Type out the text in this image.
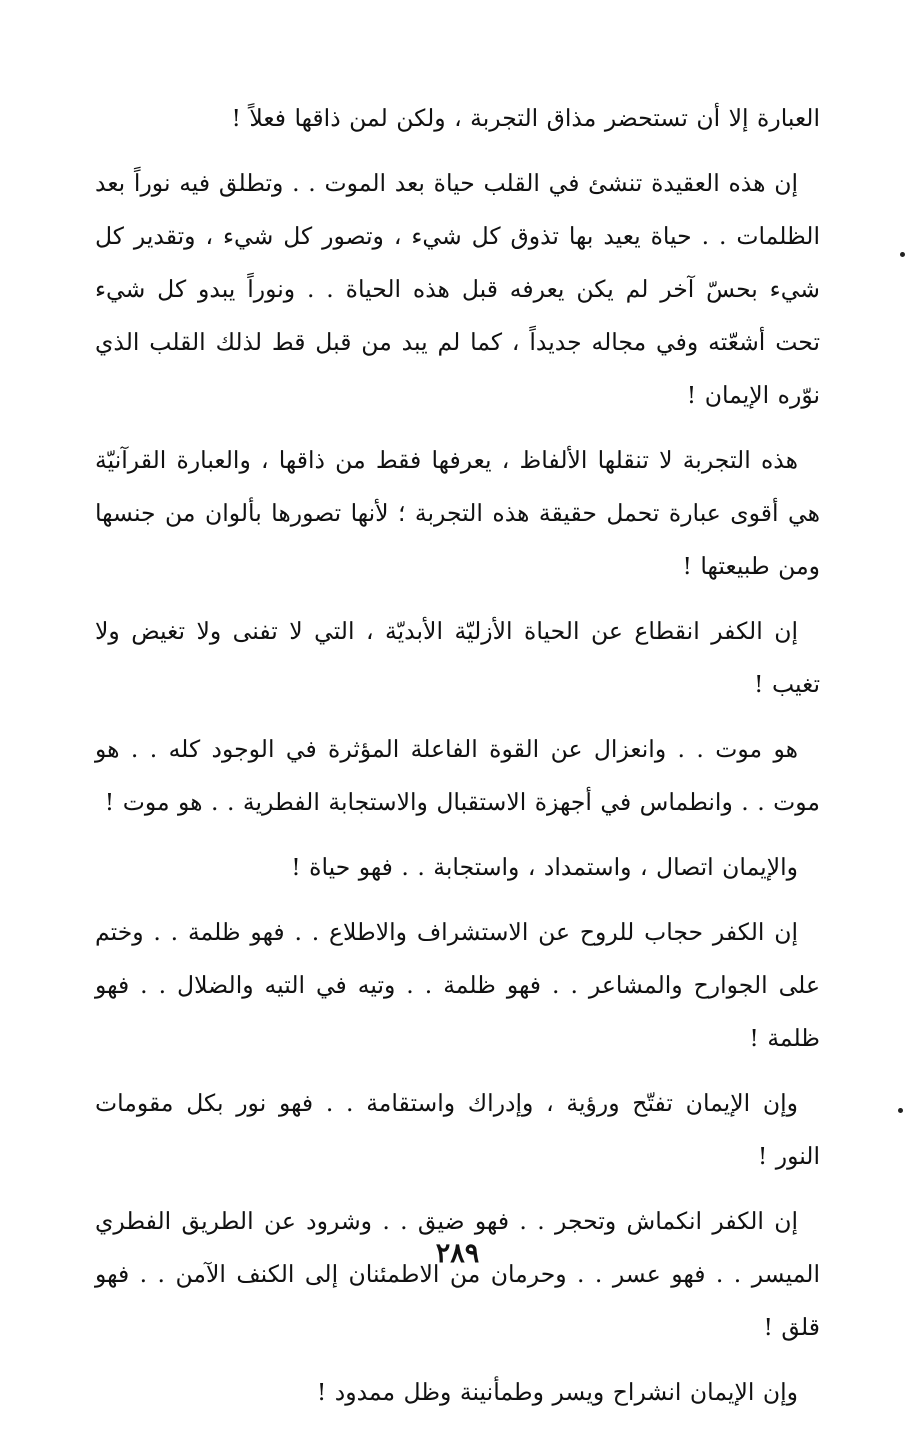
العبارة إلا أن تستحضر مذاق التجربة ، ولكن لمن ذاقها فعلاً !

إن هذه العقيدة تنشئ في القلب حياة بعد الموت . . وتطلق فيه نوراً بعد الظلمات . . حياة يعيد بها تذوق كل شيء ، وتصور كل شيء ، وتقدير كل شيء بحسّ آخر لم يكن يعرفه قبل هذه الحياة . . ونوراً يبدو كل شيء تحت أشعّته وفي مجاله جديداً ، كما لم يبد من قبل قط لذلك القلب الذي نوّره الإيمان !

هذه التجربة لا تنقلها الألفاظ ، يعرفها فقط من ذاقها ، والعبارة القرآنيّة هي أقوى عبارة تحمل حقيقة هذه التجربة ؛ لأنها تصورها بألوان من جنسها ومن طبيعتها !

إن الكفر انقطاع عن الحياة الأزليّة الأبديّة ، التي لا تفنى ولا تغيض ولا تغيب !

هو موت . . وانعزال عن القوة الفاعلة المؤثرة في الوجود كله . . هو موت . . وانطماس في أجهزة الاستقبال والاستجابة الفطرية . . هو موت !

والإيمان اتصال ، واستمداد ، واستجابة . . فهو حياة !

إن الكفر حجاب للروح عن الاستشراف والاطلاع . . فهو ظلمة . . وختم على الجوارح والمشاعر . . فهو ظلمة . . وتيه في التيه والضلال . . فهو ظلمة !

وإن الإيمان تفتّح ورؤية ، وإدراك واستقامة . . فهو نور بكل مقومات النور !

إن الكفر انكماش وتحجر . . فهو ضيق . . وشرود عن الطريق الفطري الميسر . . فهو عسر . . وحرمان من الاطمئنان إلى الكنف الآمن . . فهو قلق !

وإن الإيمان انشراح ويسر وطمأنينة وظل ممدود !

٢٨٩
